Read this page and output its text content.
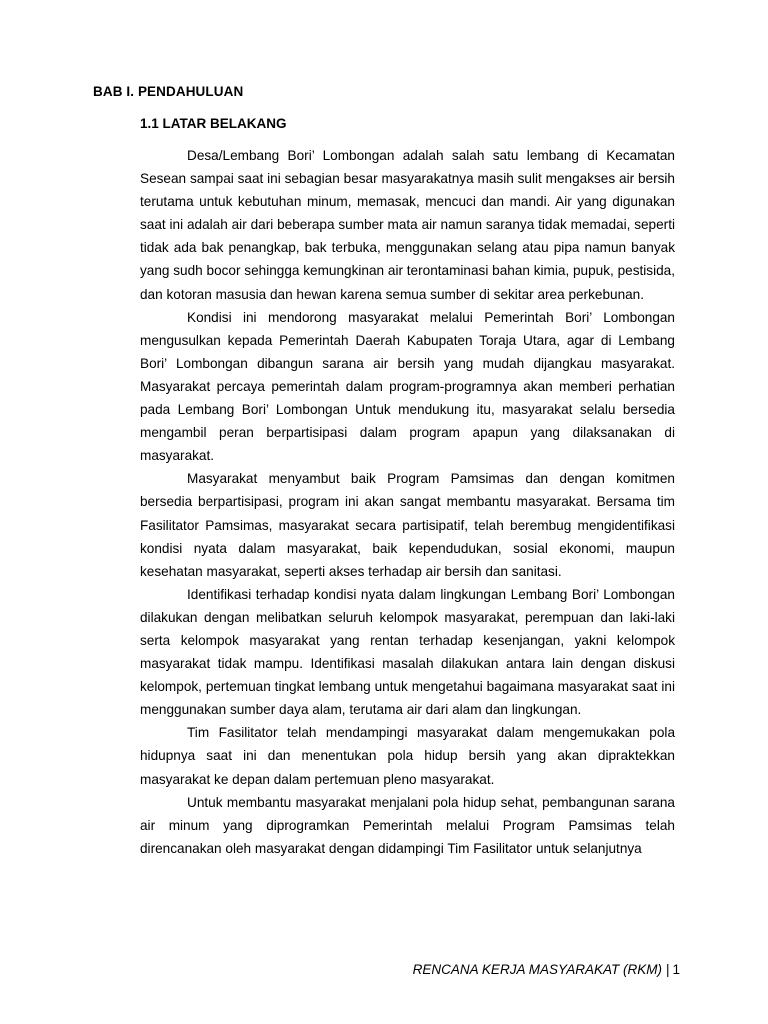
BAB I. PENDAHULUAN
1.1 LATAR BELAKANG

Desa/Lembang Bori’ Lombongan adalah salah satu lembang di Kecamatan Sesean sampai saat ini sebagian besar masyarakatnya masih sulit mengakses air bersih terutama untuk kebutuhan minum, memasak, mencuci dan mandi. Air yang digunakan saat ini adalah air dari beberapa sumber mata air namun saranya tidak memadai, seperti tidak ada bak penangkap, bak terbuka, menggunakan selang atau pipa namun banyak yang sudh bocor sehingga kemungkinan air terontaminasi bahan kimia, pupuk, pestisida, dan kotoran masusia dan hewan karena semua sumber di sekitar area perkebunan.

Kondisi ini mendorong masyarakat melalui Pemerintah Bori’ Lombongan mengusulkan kepada Pemerintah Daerah Kabupaten Toraja Utara, agar di Lembang Bori’ Lombongan dibangun sarana air bersih yang mudah dijangkau masyarakat. Masyarakat percaya pemerintah dalam program-programnya akan memberi perhatian pada Lembang Bori’ Lombongan Untuk mendukung itu, masyarakat selalu bersedia mengambil peran berpartisipasi dalam program apapun yang dilaksanakan di masyarakat.

Masyarakat menyambut baik Program Pamsimas dan dengan komitmen bersedia berpartisipasi, program ini akan sangat membantu masyarakat. Bersama tim Fasilitator Pamsimas, masyarakat secara partisipatif, telah berembug mengidentifikasi kondisi nyata dalam masyarakat, baik kependudukan, sosial ekonomi, maupun kesehatan masyarakat, seperti akses terhadap air bersih dan sanitasi.

Identifikasi terhadap kondisi nyata dalam lingkungan Lembang Bori’ Lombongan dilakukan dengan melibatkan seluruh kelompok masyarakat, perempuan dan laki-laki serta kelompok masyarakat yang rentan terhadap kesenjangan, yakni kelompok masyarakat tidak mampu. Identifikasi masalah dilakukan antara lain dengan diskusi kelompok, pertemuan tingkat lembang untuk mengetahui bagaimana masyarakat saat ini menggunakan sumber daya alam, terutama air dari alam dan lingkungan.

Tim Fasilitator telah mendampingi masyarakat dalam mengemukakan pola hidupnya saat ini dan menentukan pola hidup bersih yang akan dipraktekkan masyarakat ke depan dalam pertemuan pleno masyarakat.

Untuk membantu masyarakat menjalani pola hidup sehat, pembangunan sarana air minum yang diprogramkan Pemerintah melalui Program Pamsimas telah direncanakan oleh masyarakat dengan didampingi Tim Fasilitator untuk selanjutnya

RENCANA KERJA MASYARAKAT (RKM) | 1
